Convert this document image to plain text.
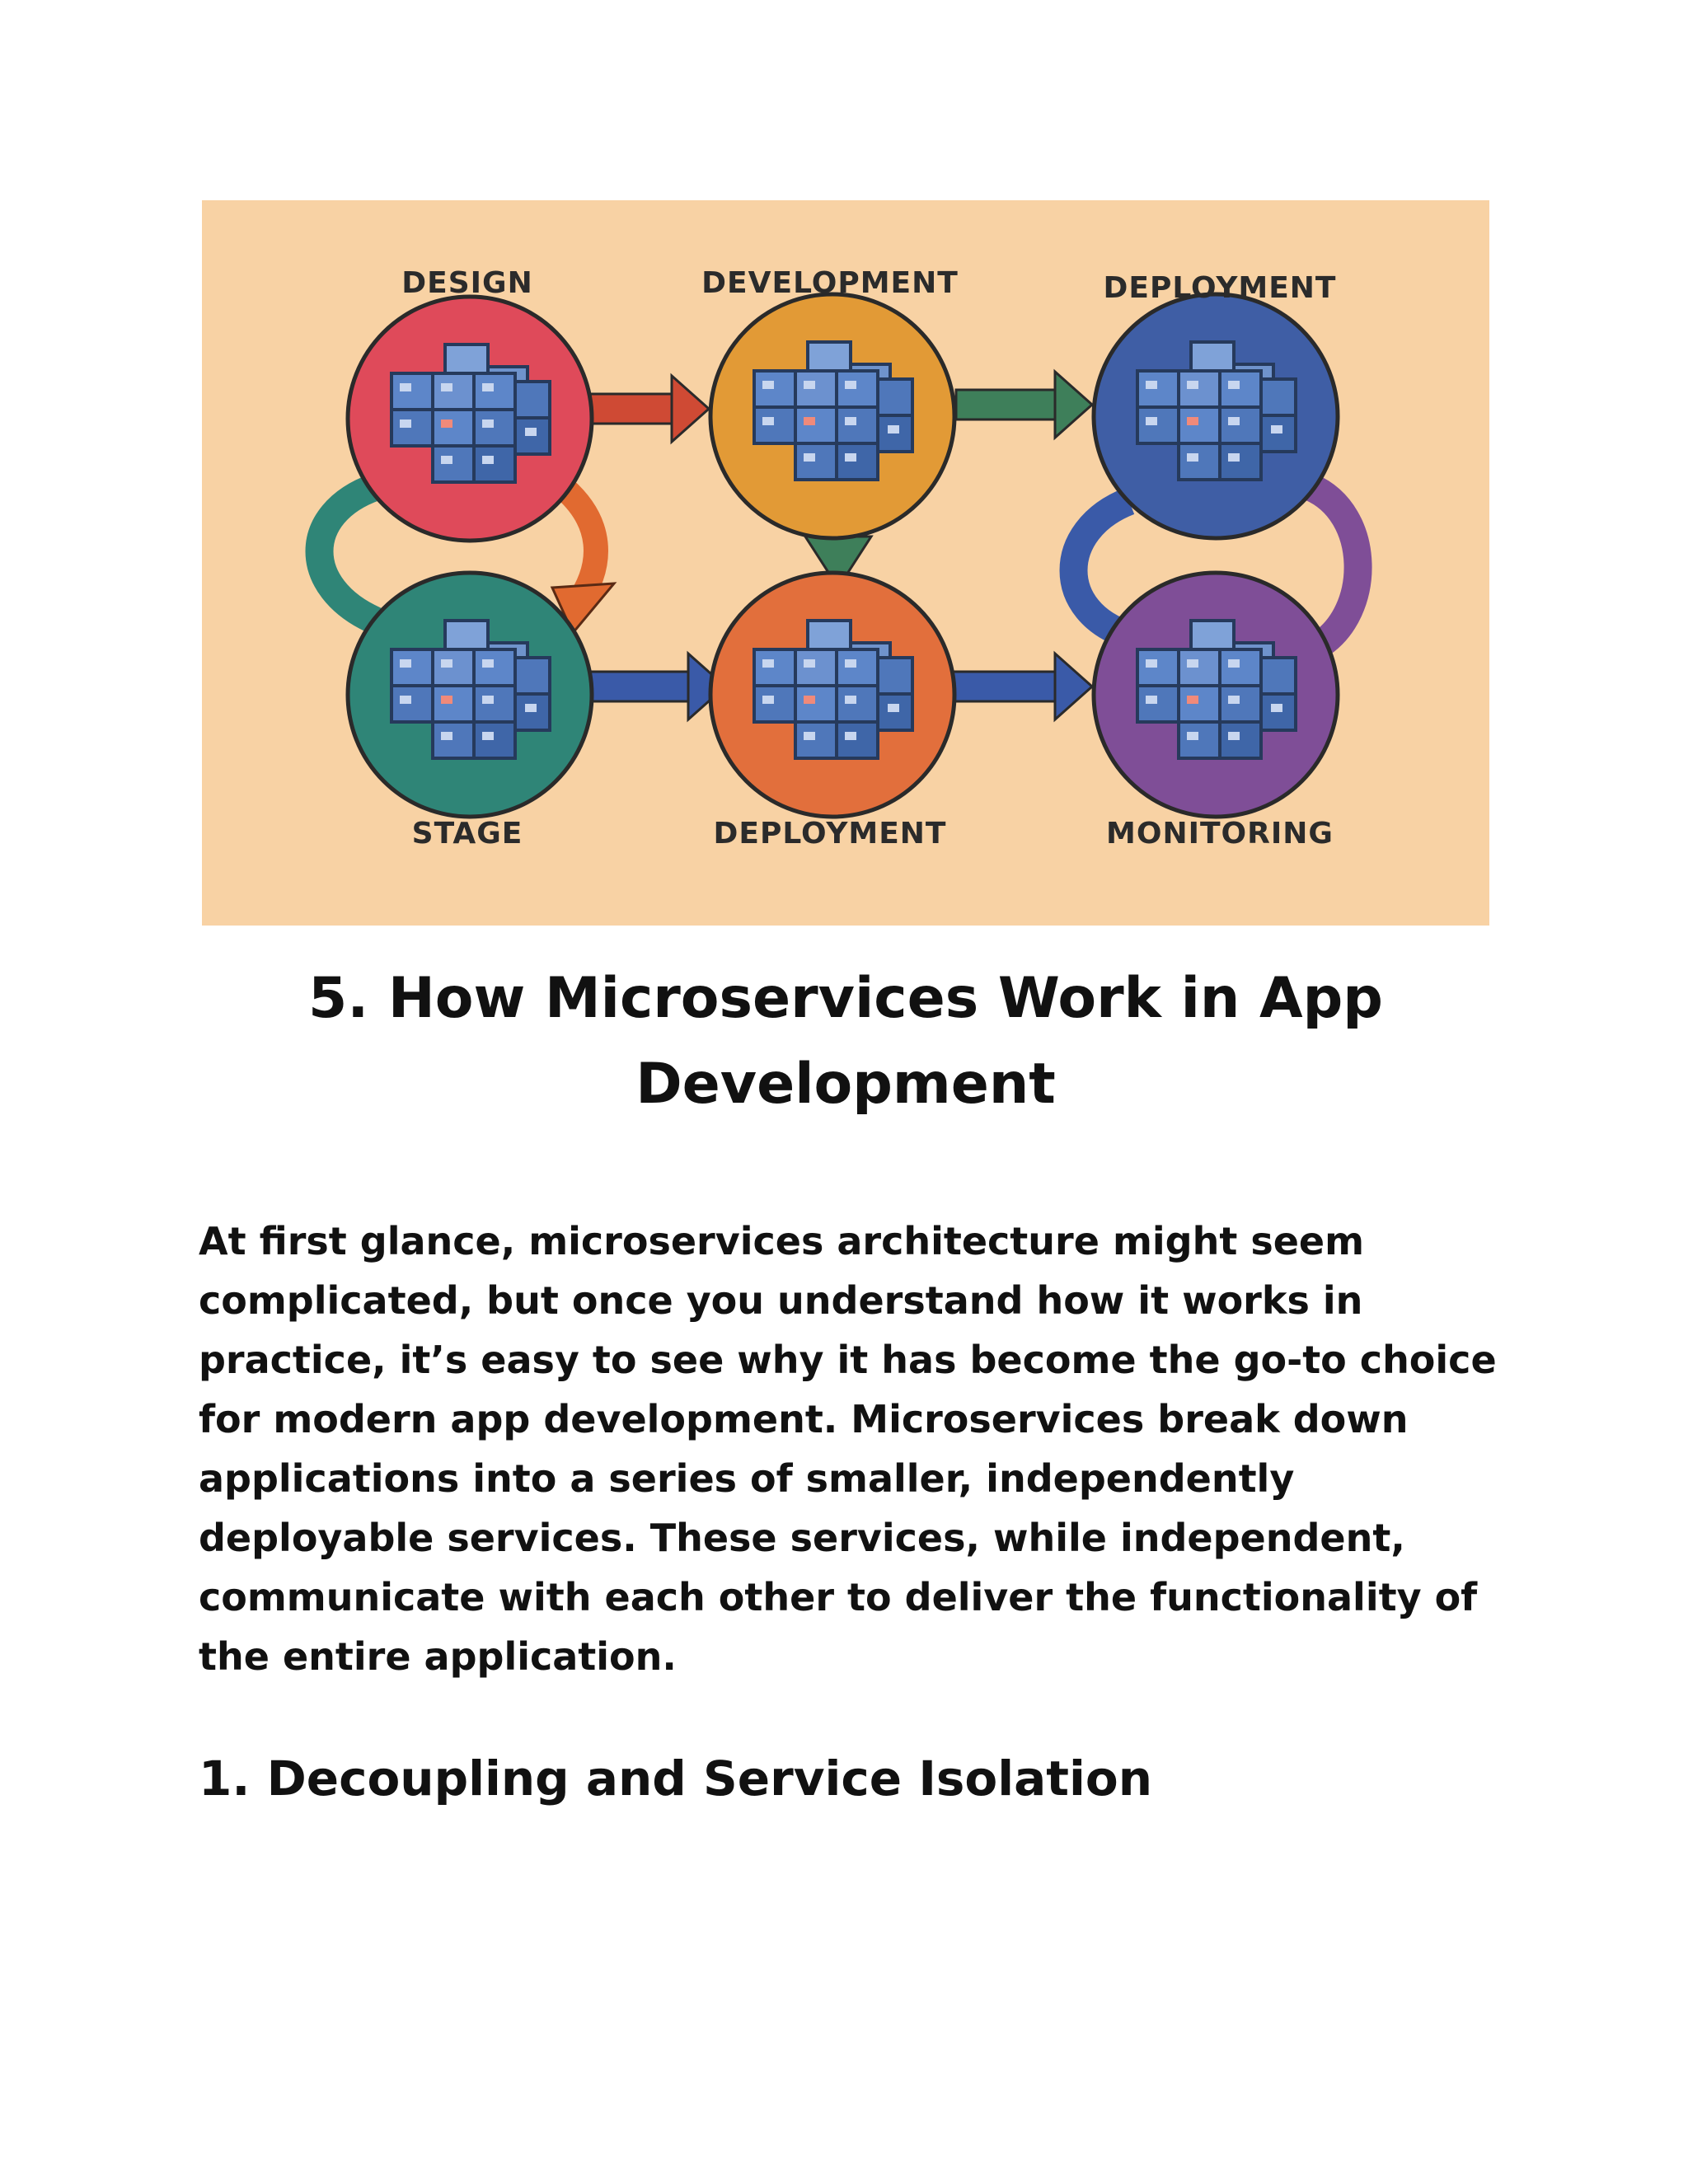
DESIGN	DEVELOPMENT	DEPLOYMENT
STAGE	DEPLOYMENT	MONITORING
5. How Microservices Work in App Development

At first glance, microservices architecture might seem complicated, but once you understand how it works in practice, it’s easy to see why it has become the go-to choice for modern app development. Microservices break down applications into a series of smaller, independently deployable services. These services, while independent, communicate with each other to deliver the functionality of the entire application.

1. Decoupling and Service Isolation
